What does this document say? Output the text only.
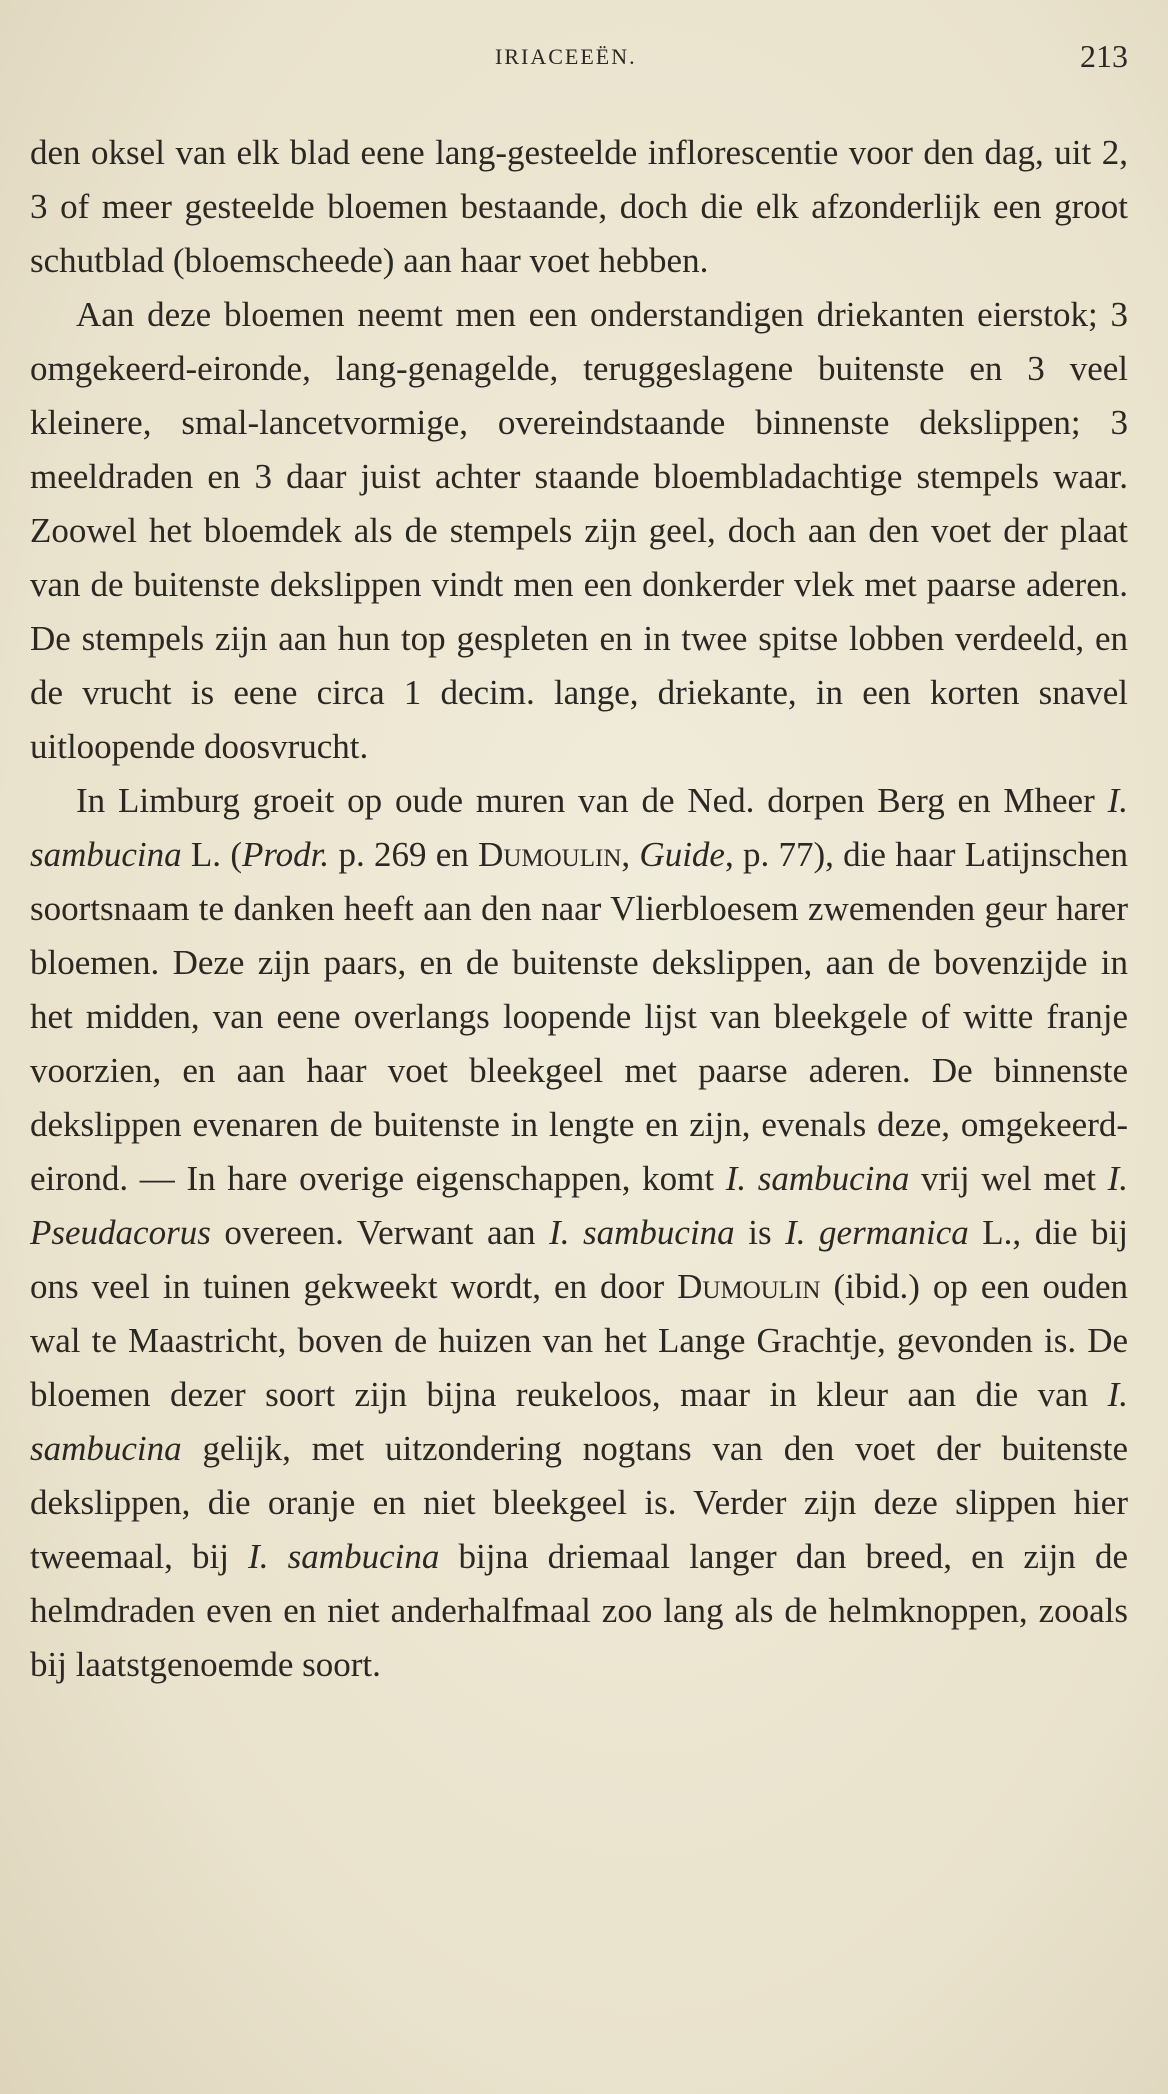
IRIACEEËN.	213

den oksel van elk blad eene lang-gesteelde inflorescentie voor den dag, uit 2, 3 of meer gesteelde bloemen bestaande, doch die elk afzonderlijk een groot schutblad (bloemscheede) aan haar voet hebben.

Aan deze bloemen neemt men een onderstandigen driekanten eierstok; 3 omgekeerd-eironde, lang-genagelde, teruggeslagene buitenste en 3 veel kleinere, smal-lancetvormige, overeindstaande binnenste dekslippen; 3 meeldraden en 3 daar juist achter staande bloembladachtige stempels waar. Zoowel het bloemdek als de stempels zijn geel, doch aan den voet der plaat van de buitenste dekslippen vindt men een donkerder vlek met paarse aderen. De stempels zijn aan hun top gespleten en in twee spitse lobben verdeeld, en de vrucht is eene circa 1 decim. lange, driekante, in een korten snavel uitloopende doosvrucht.

In Limburg groeit op oude muren van de Ned. dorpen Berg en Mheer I. sambucina L. (Prodr. p. 269 en Dumoulin, Guide, p. 77), die haar Latijnschen soortsnaam te danken heeft aan den naar Vlierbloesem zwemenden geur harer bloemen. Deze zijn paars, en de buitenste dekslippen, aan de bovenzijde in het midden, van eene overlangs loopende lijst van bleekgele of witte franje voorzien, en aan haar voet bleekgeel met paarse aderen. De binnenste dekslippen evenaren de buitenste in lengte en zijn, evenals deze, omgekeerd-eirond. — In hare overige eigenschappen, komt I. sambucina vrij wel met I. Pseudacorus overeen. Verwant aan I. sambucina is I. germanica L., die bij ons veel in tuinen gekweekt wordt, en door Dumoulin (ibid.) op een ouden wal te Maastricht, boven de huizen van het Lange Grachtje, gevonden is. De bloemen dezer soort zijn bijna reukeloos, maar in kleur aan die van I. sambucina gelijk, met uitzondering nogtans van den voet der buitenste dekslippen, die oranje en niet bleekgeel is. Verder zijn deze slippen hier tweemaal, bij I. sambucina bijna driemaal langer dan breed, en zijn de helmdraden even en niet anderhalfmaal zoo lang als de helmknoppen, zooals bij laatstgenoemde soort.
